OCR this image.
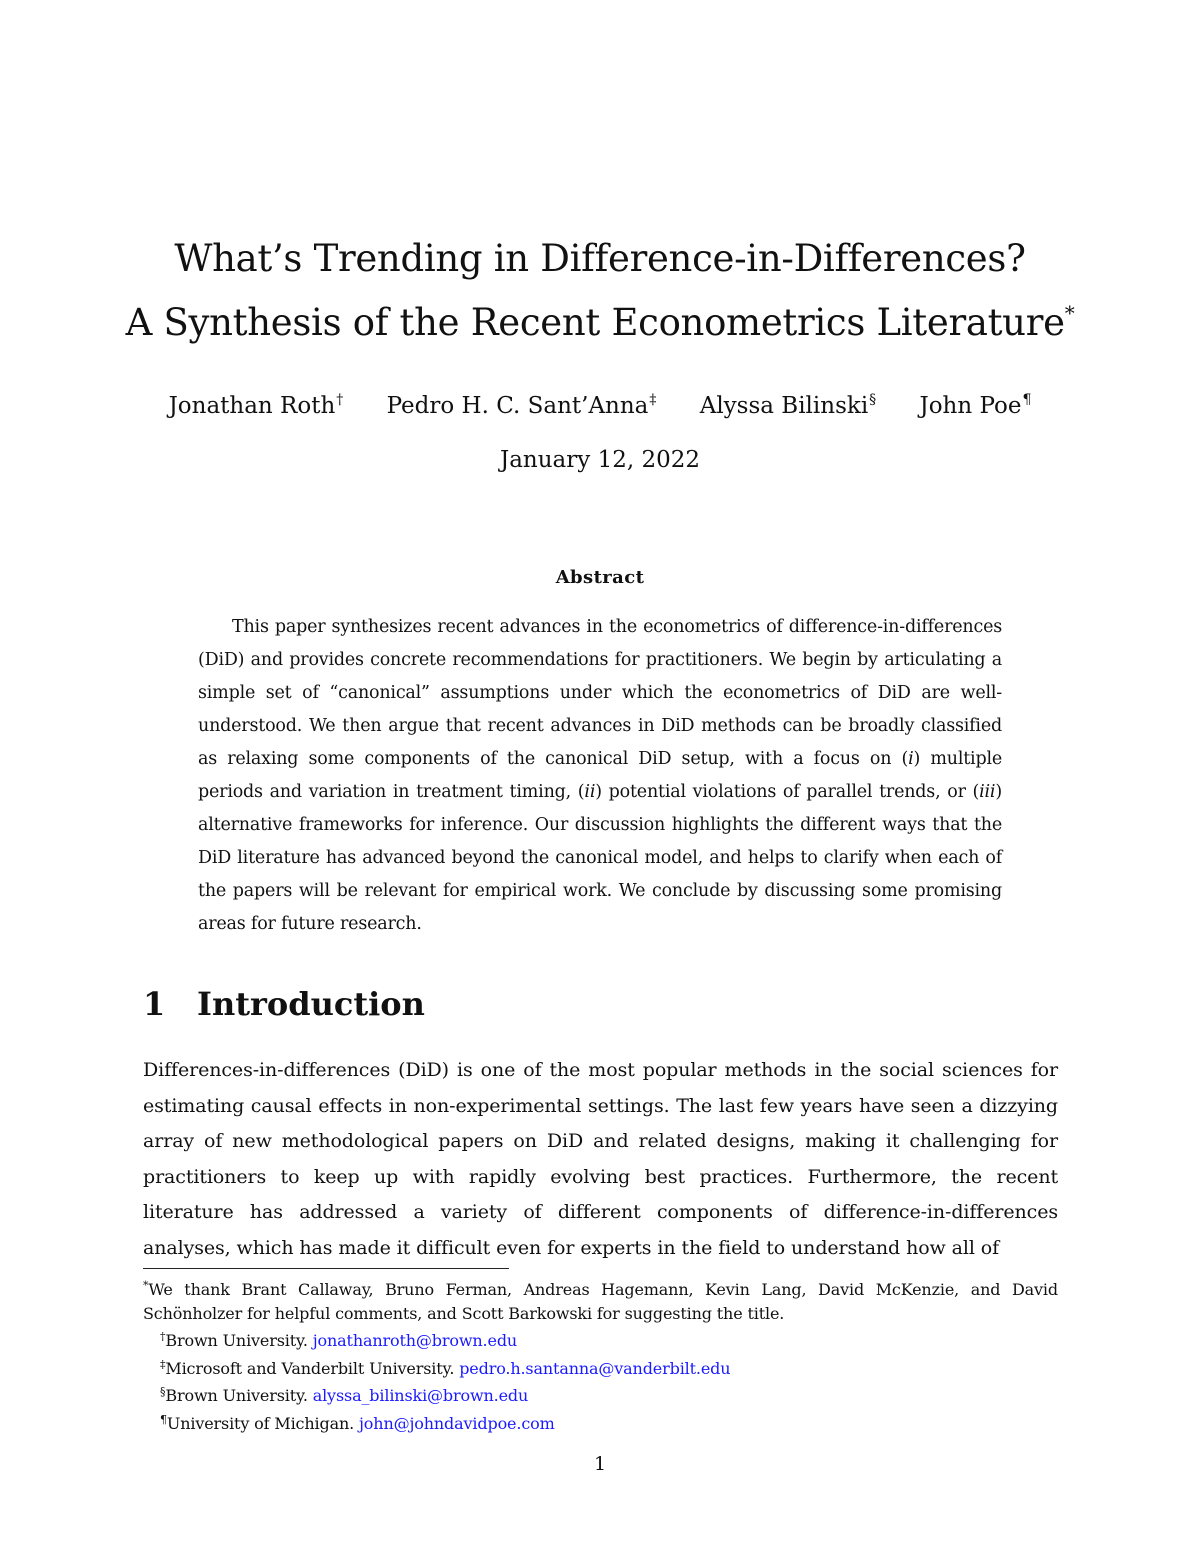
What’s Trending in Difference-in-Differences?
A Synthesis of the Recent Econometrics Literature*
Jonathan Roth† Pedro H. C. Sant’Anna‡ Alyssa Bilinski§ John Poe¶
January 12, 2022
Abstract
This paper synthesizes recent advances in the econometrics of difference-in-differences (DiD) and provides concrete recommendations for practitioners. We begin by articulating a simple set of “canonical” assumptions under which the econometrics of DiD are well-understood. We then argue that recent advances in DiD methods can be broadly classified as relaxing some components of the canonical DiD setup, with a focus on (i) multiple periods and variation in treatment timing, (ii) potential violations of parallel trends, or (iii) alternative frameworks for inference. Our discussion highlights the different ways that the DiD literature has advanced beyond the canonical model, and helps to clarify when each of the papers will be relevant for empirical work. We conclude by discussing some promising areas for future research.
1 Introduction
Differences-in-differences (DiD) is one of the most popular methods in the social sciences for estimating causal effects in non-experimental settings. The last few years have seen a dizzying array of new methodological papers on DiD and related designs, making it challenging for practitioners to keep up with rapidly evolving best practices. Furthermore, the recent literature has addressed a variety of different components of difference-in-differences analyses, which has made it difficult even for experts in the field to understand how all of
*We thank Brant Callaway, Bruno Ferman, Andreas Hagemann, Kevin Lang, David McKenzie, and David Schönholzer for helpful comments, and Scott Barkowski for suggesting the title.
†Brown University. jonathanroth@brown.edu
‡Microsoft and Vanderbilt University. pedro.h.santanna@vanderbilt.edu
§Brown University. alyssa_bilinski@brown.edu
¶University of Michigan. john@johndavidpoe.com
1
